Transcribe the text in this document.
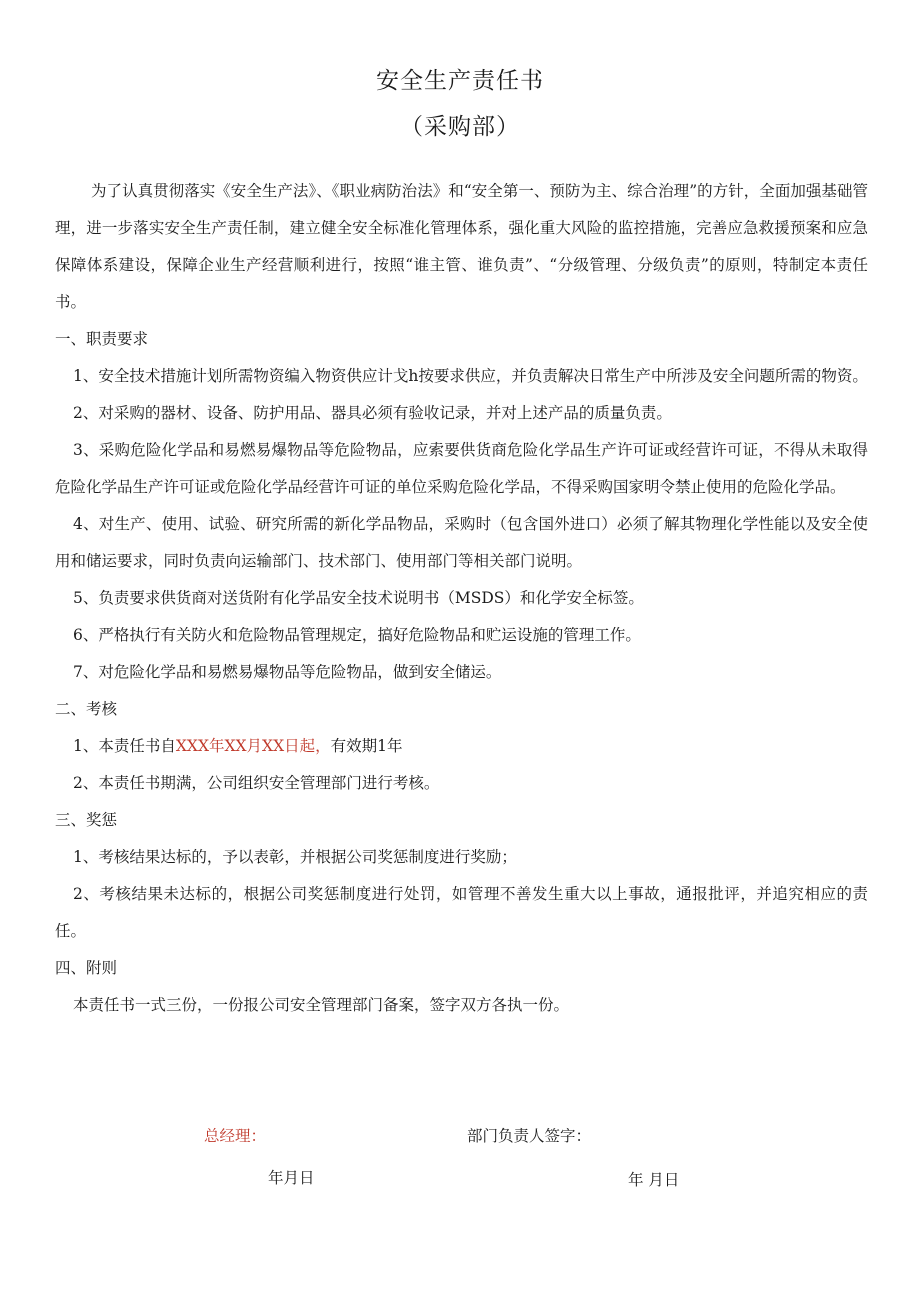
安全生产责任书
（采购部）
为了认真贯彻落实《安全生产法》、《职业病防治法》和“安全第一、预防为主、综合治理”的方针，全面加强基础管理，进一步落实安全生产责任制，建立健全安全标准化管理体系，强化重大风险的监控措施，完善应急救援预案和应急保障体系建设，保障企业生产经营顺利进行，按照“谁主管、谁负责”、“分级管理、分级负责”的原则，特制定本责任书。
一、职责要求
1、安全技术措施计划所需物资编入物资供应计戈h按要求供应，并负责解决日常生产中所涉及安全问题所需的物资。
2、对采购的器材、设备、防护用品、器具必须有验收记录，并对上述产品的质量负责。
3、采购危险化学品和易燃易爆物品等危险物品，应索要供货商危险化学品生产许可证或经营许可证，不得从未取得危险化学品生产许可证或危险化学品经营许可证的单位采购危险化学品，不得采购国家明令禁止使用的危险化学品。
4、对生产、使用、试验、研究所需的新化学品物品，采购时（包含国外进口）必须了解其物理化学性能以及安全使用和储运要求，同时负责向运输部门、技术部门、使用部门等相关部门说明。
5、负责要求供货商对送货附有化学品安全技术说明书（MSDS）和化学安全标签。
6、严格执行有关防火和危险物品管理规定，搞好危险物品和贮运设施的管理工作。
7、对危险化学品和易燃易爆物品等危险物品，做到安全储运。
二、考核
1、本责任书自XXX年XX月XX日起，有效期1年
2、本责任书期满，公司组织安全管理部门进行考核。
三、奖惩
1、考核结果达标的，予以表彰，并根据公司奖惩制度进行奖励；
2、考核结果未达标的，根据公司奖惩制度进行处罚，如管理不善发生重大以上事故，通报批评，并追究相应的责任。
四、附则
本责任书一式三份，一份报公司安全管理部门备案，签字双方各执一份。
总经理：	部门负责人签字：
年月日	年 月日
